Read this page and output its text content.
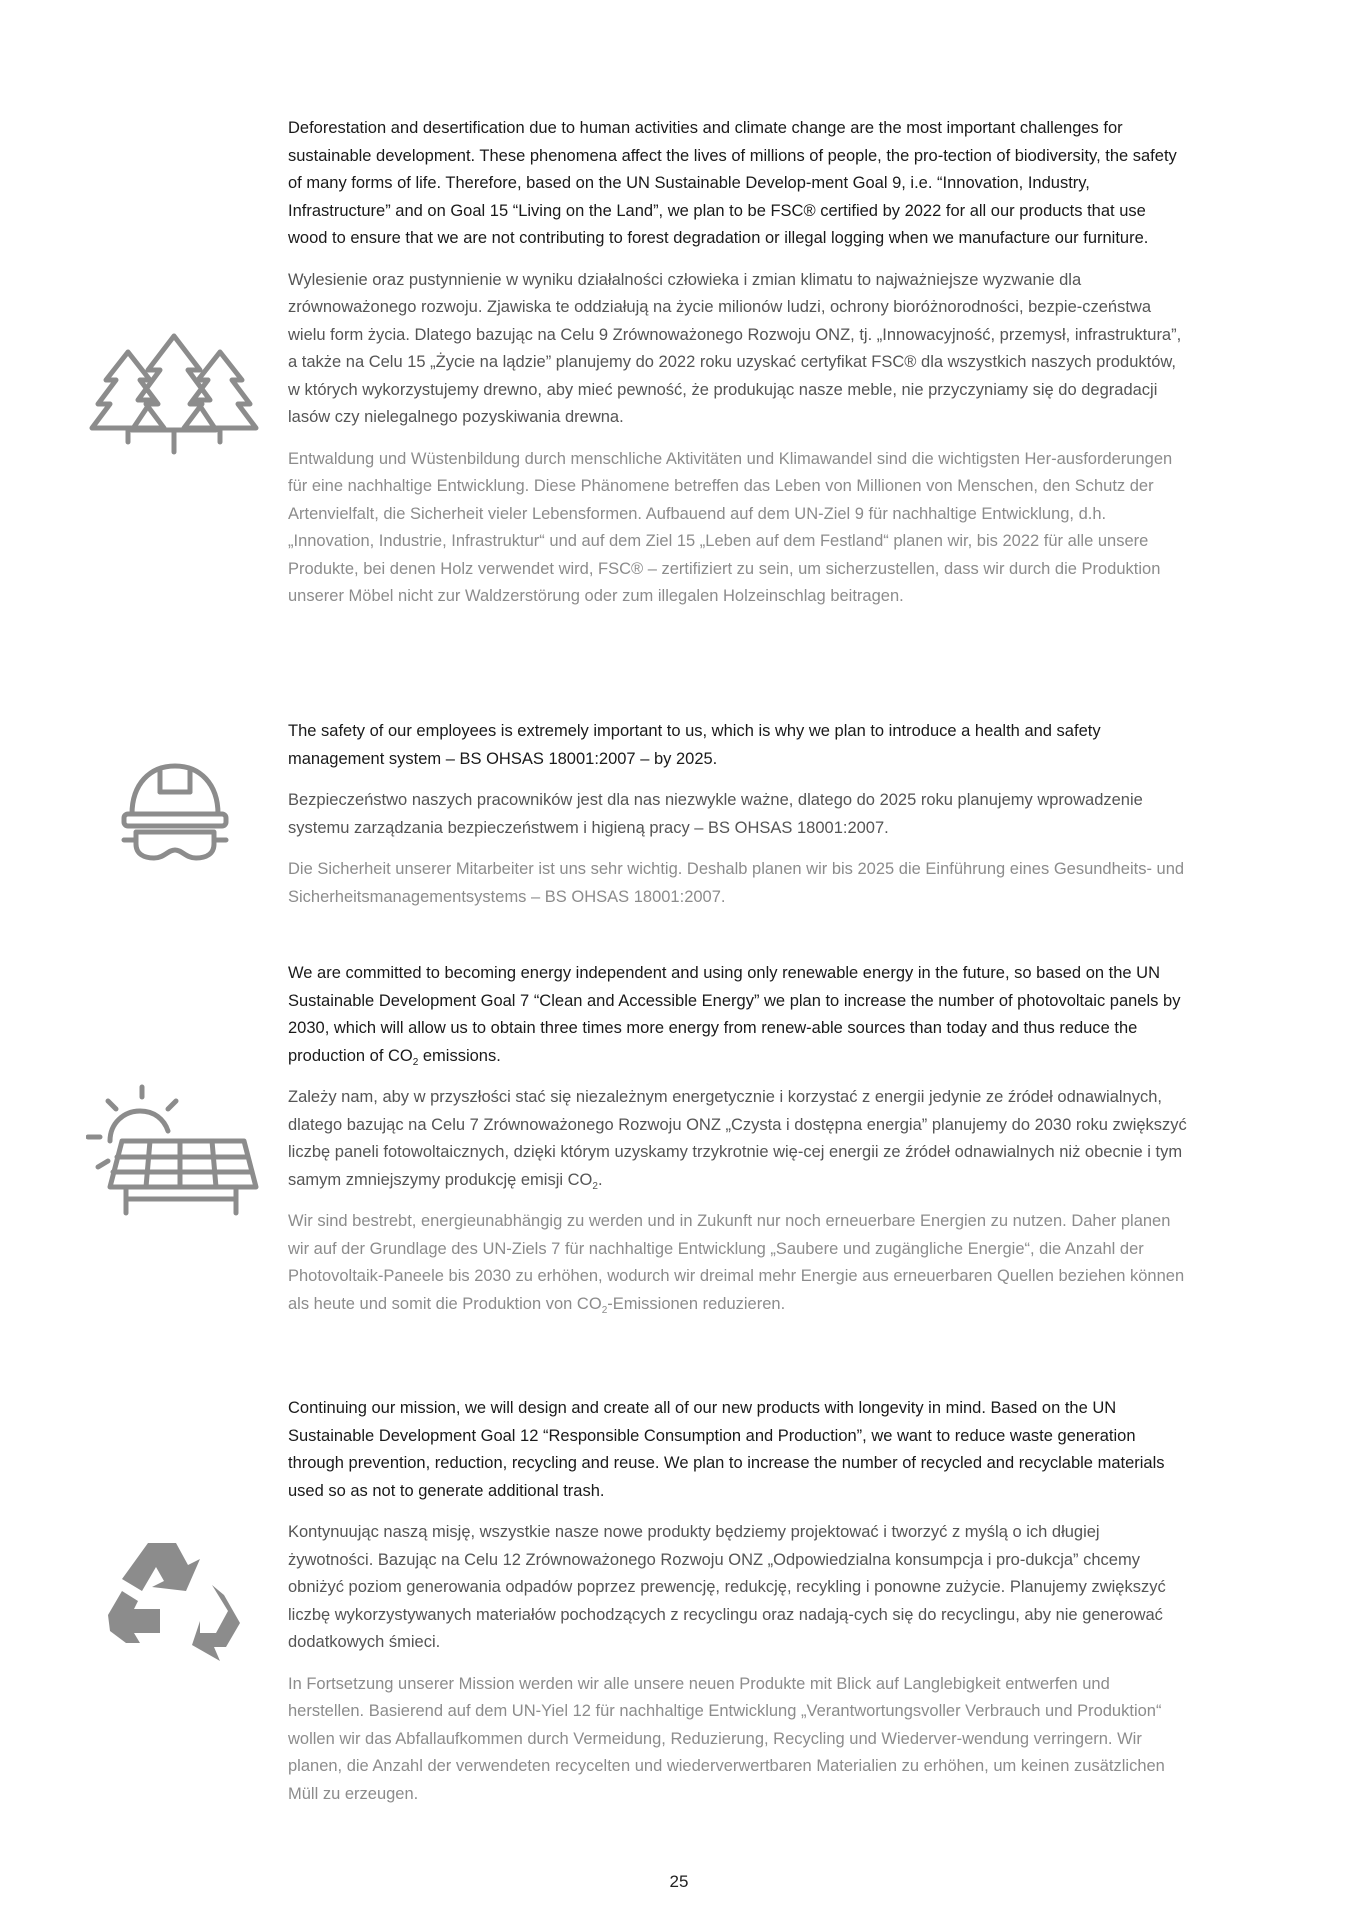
Deforestation and desertification due to human activities and climate change are the most important challenges for sustainable development. These phenomena affect the lives of millions of people, the pro-tection of biodiversity, the safety of many forms of life. Therefore, based on the UN Sustainable Develop-ment Goal 9, i.e. “Innovation, Industry, Infrastructure” and on Goal 15 “Living on the Land”, we plan to be FSC® certified by 2022 for all our products that use wood to ensure that we are not contributing to forest degradation or illegal logging when we manufacture our furniture.

Wylesienie oraz pustynnienie w wyniku działalności człowieka i zmian klimatu to najważniejsze wyzwanie dla zrównoważonego rozwoju. Zjawiska te oddziałują na życie milionów ludzi, ochrony bioróżnorodności, bezpie-czeństwa wielu form życia. Dlatego bazując na Celu 9 Zrównoważonego Rozwoju ONZ, tj. „Innowacyjność, przemysł, infrastruktura”, a także na Celu 15 „Życie na lądzie” planujemy do 2022 roku uzyskać certyfikat FSC® dla wszystkich naszych produktów, w których wykorzystujemy drewno, aby mieć pewność, że produkując nasze meble, nie przyczyniamy się do degradacji lasów czy nielegalnego pozyskiwania drewna.

Entwaldung und Wüstenbildung durch menschliche Aktivitäten und Klimawandel sind die wichtigsten Her-ausforderungen für eine nachhaltige Entwicklung. Diese Phänomene betreffen das Leben von Millionen von Menschen, den Schutz der Artenvielfalt, die Sicherheit vieler Lebensformen. Aufbauend auf dem UN-Ziel 9 für nachhaltige Entwicklung, d.h. „Innovation, Industrie, Infrastruktur“ und auf dem Ziel 15 „Leben auf dem Festland“ planen wir, bis 2022 für alle unsere Produkte, bei denen Holz verwendet wird, FSC® – zertifiziert zu sein, um sicherzustellen, dass wir durch die Produktion unserer Möbel nicht zur Waldzerstörung oder zum illegalen Holzeinschlag beitragen.

The safety of our employees is extremely important to us, which is why we plan to introduce a health and safety management system – BS OHSAS 18001:2007 – by 2025.

Bezpieczeństwo naszych pracowników jest dla nas niezwykle ważne, dlatego do 2025 roku planujemy wprowadzenie systemu zarządzania bezpieczeństwem i higieną pracy – BS OHSAS 18001:2007.

Die Sicherheit unserer Mitarbeiter ist uns sehr wichtig. Deshalb planen wir bis 2025 die Einführung eines Gesundheits- und Sicherheitsmanagementsystems – BS OHSAS 18001:2007.

We are committed to becoming energy independent and using only renewable energy in the future, so based on the UN Sustainable Development Goal 7 “Clean and Accessible Energy” we plan to increase the number of photovoltaic panels by 2030, which will allow us to obtain three times more energy from renew-able sources than today and thus reduce the production of $CO_2$ emissions.

Zależy nam, aby w przyszłości stać się niezależnym energetycznie i korzystać z energii jedynie ze źródeł odnawialnych, dlatego bazując na Celu 7 Zrównoważonego Rozwoju ONZ „Czysta i dostępna energia” planujemy do 2030 roku zwiększyć liczbę paneli fotowoltaicznych, dzięki którym uzyskamy trzykrotnie wię-cej energii ze źródeł odnawialnych niż obecnie i tym samym zmniejszymy produkcję emisji $CO_2$.

Wir sind bestrebt, energieunabhängig zu werden und in Zukunft nur noch erneuerbare Energien zu nutzen. Daher planen wir auf der Grundlage des UN-Ziels 7 für nachhaltige Entwicklung „Saubere und zugängliche Energie“, die Anzahl der Photovoltaik-Paneele bis 2030 zu erhöhen, wodurch wir dreimal mehr Energie aus erneuerbaren Quellen beziehen können als heute und somit die Produktion von $CO_2$-Emissionen reduzieren.

Continuing our mission, we will design and create all of our new products with longevity in mind. Based on the UN Sustainable Development Goal 12 “Responsible Consumption and Production”, we want to reduce waste generation through prevention, reduction, recycling and reuse. We plan to increase the number of recycled and recyclable materials used so as not to generate additional trash.

Kontynuując naszą misję, wszystkie nasze nowe produkty będziemy projektować i tworzyć z myślą o ich długiej żywotności. Bazując na Celu 12 Zrównoważonego Rozwoju ONZ „Odpowiedzialna konsumpcja i pro-dukcja” chcemy obniżyć poziom generowania odpadów poprzez prewencję, redukcję, recykling i ponowne zużycie. Planujemy zwiększyć liczbę wykorzystywanych materiałów pochodzących z recyclingu oraz nadają-cych się do recyclingu, aby nie generować dodatkowych śmieci.

In Fortsetzung unserer Mission werden wir alle unsere neuen Produkte mit Blick auf Langlebigkeit entwerfen und herstellen. Basierend auf dem UN-Yiel 12 für nachhaltige Entwicklung „Verantwortungsvoller Verbrauch und Produktion“ wollen wir das Abfallaufkommen durch Vermeidung, Reduzierung, Recycling und Wiederver-wendung verringern. Wir planen, die Anzahl der verwendeten recycelten und wiederverwertbaren Materialien zu erhöhen, um keinen zusätzlichen Müll zu erzeugen.

25
